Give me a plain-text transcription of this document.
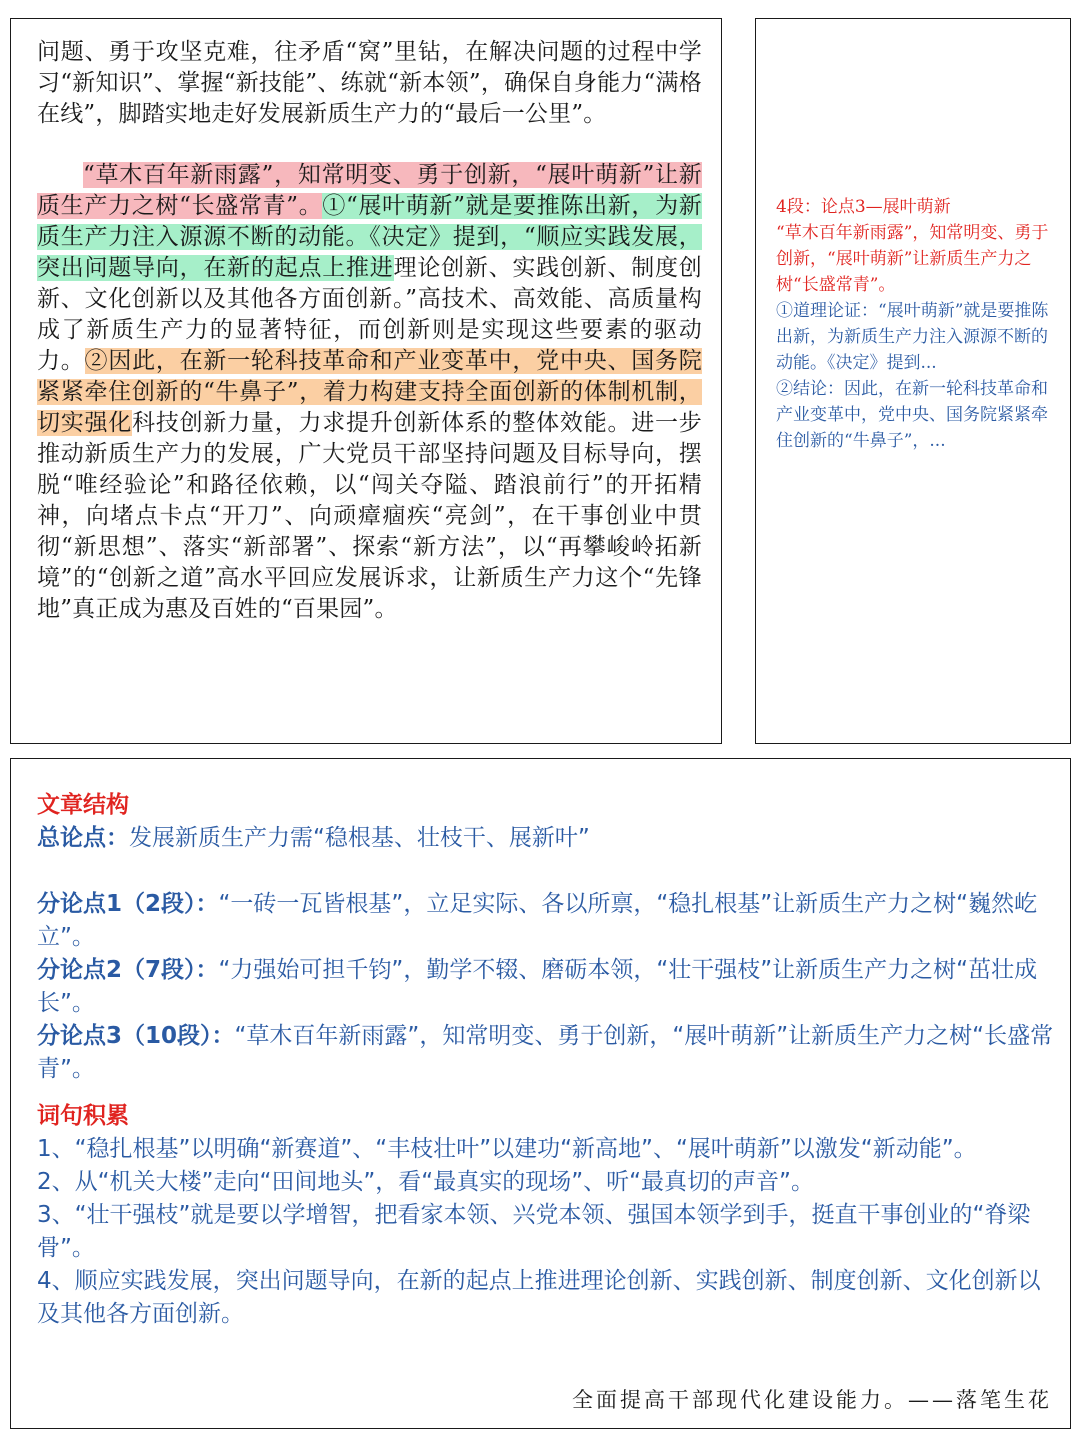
问题、勇于攻坚克难，往矛盾“窝”里钻，在解决问题的过程中学习“新知识”、掌握“新技能”、练就“新本领”，确保自身能力“满格在线”，脚踏实地走好发展新质生产力的“最后一公里”。

“草木百年新雨露”，知常明变、勇于创新，“展叶萌新”让新质生产力之树“长盛常青”。①“展叶萌新”就是要推陈出新，为新质生产力注入源源不断的动能。《决定》提到，“顺应实践发展，突出问题导向，在新的起点上推进理论创新、实践创新、制度创新、文化创新以及其他各方面创新。”高技术、高效能、高质量构成了新质生产力的显著特征，而创新则是实现这些要素的驱动力。②因此，在新一轮科技革命和产业变革中，党中央、国务院紧紧牵住创新的“牛鼻子”，着力构建支持全面创新的体制机制，切实强化科技创新力量，力求提升创新体系的整体效能。进一步推动新质生产力的发展，广大党员干部坚持问题及目标导向，摆脱“唯经验论”和路径依赖，以“闯关夺隘、踏浪前行”的开拓精神，向堵点卡点“开刀”、向顽瘴痼疾“亮剑”，在干事创业中贯彻“新思想”、落实“新部署”、探索“新方法”，以“再攀峻岭拓新境”的“创新之道”高水平回应发展诉求，让新质生产力这个“先锋地”真正成为惠及百姓的“百果园”。

4段：论点3—展叶萌新

“草木百年新雨露”，知常明变、勇于创新，“展叶萌新”让新质生产力之树“长盛常青”。

①道理论证：“展叶萌新”就是要推陈出新，为新质生产力注入源源不断的动能。《决定》提到...

②结论：因此，在新一轮科技革命和产业变革中，党中央、国务院紧紧牵住创新的“牛鼻子”，...

文章结构

总论点：发展新质生产力需“稳根基、壮枝干、展新叶”

分论点1（2段）：“一砖一瓦皆根基”，立足实际、各以所禀，“稳扎根基”让新质生产力之树“巍然屹立”。

分论点2（7段）：“力强始可担千钧”，勤学不辍、磨砺本领，“壮干强枝”让新质生产力之树“茁壮成长”。

分论点3（10段）：“草木百年新雨露”，知常明变、勇于创新，“展叶萌新”让新质生产力之树“长盛常青”。

词句积累

1、“稳扎根基”以明确“新赛道”、“丰枝壮叶”以建功“新高地”、“展叶萌新”以激发“新动能”。

2、从“机关大楼”走向“田间地头”，看“最真实的现场”、听“最真切的声音”。

3、“壮干强枝”就是要以学增智，把看家本领、兴党本领、强国本领学到手，挺直干事创业的“脊梁骨”。

4、顺应实践发展，突出问题导向，在新的起点上推进理论创新、实践创新、制度创新、文化创新以及其他各方面创新。

全面提高干部现代化建设能力。——落笔生花
